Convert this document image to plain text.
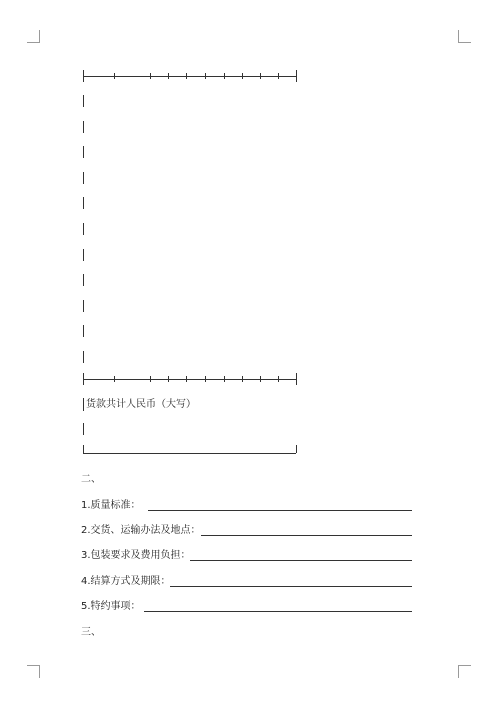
货款共计人民币（大写）
二、
1.质量标准：
2.交货、运输办法及地点：
3.包装要求及费用负担：
4.结算方式及期限：
5.特约事项：
三、
